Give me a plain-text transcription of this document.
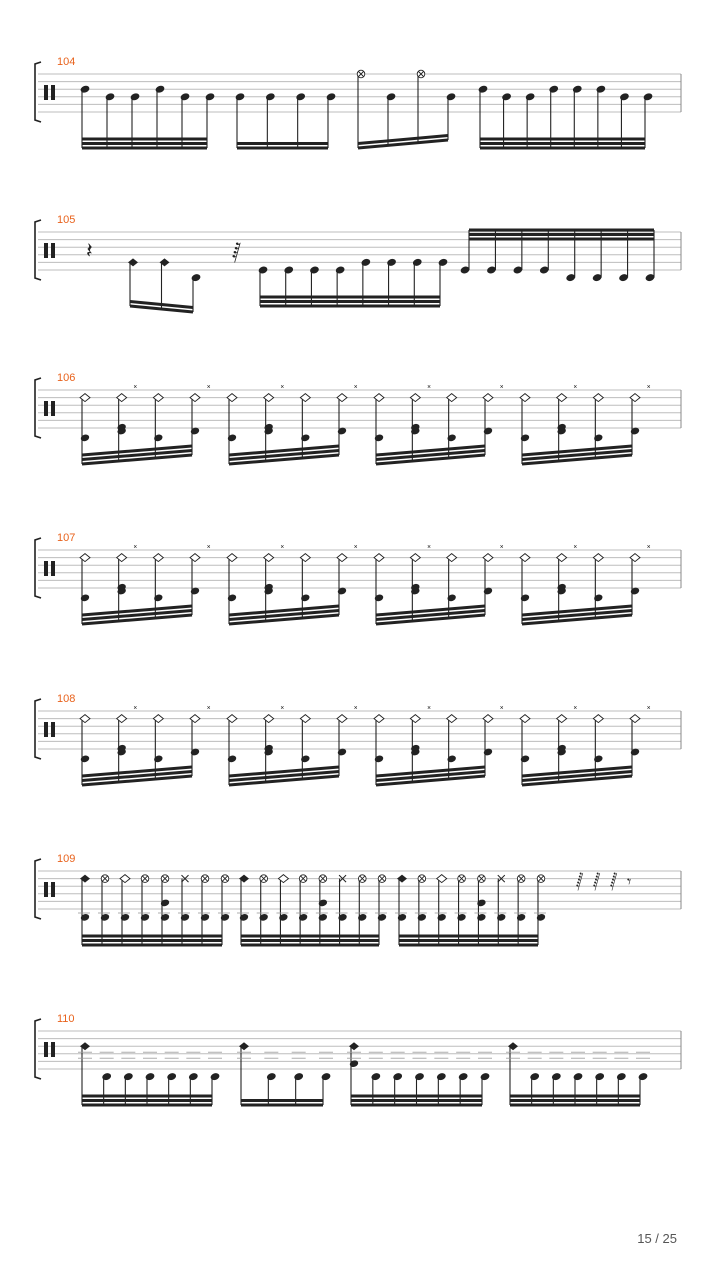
104
105
𝄽	𝅁
106	𝅃	𝅃	𝅃	𝅃	𝅃	𝅃	𝅃	𝅃
107	𝅃	𝅃	𝅃	𝅃	𝅃	𝅃	𝅃	𝅃
108	𝅃	𝅃	𝅃	𝅃	𝅃	𝅃	𝅃	𝅃
109
𝅂 𝅂 𝅂 𝄾
110
15 / 25
